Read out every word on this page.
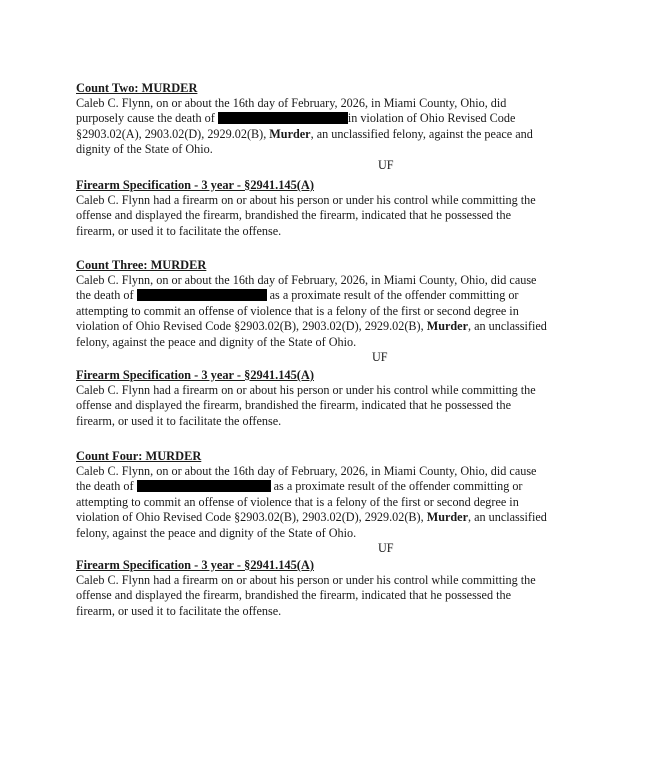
Count Two: MURDER

Caleb C. Flynn, on or about the 16th day of February, 2026, in Miami County, Ohio, did

purposely cause the death of	in violation of Ohio Revised Code

§2903.02(A), 2903.02(D), 2929.02(B), Murder, an unclassified felony, against the peace and

dignity of the State of Ohio.

UF

Firearm Specification - 3 year - §2941.145(A)

Caleb C. Flynn had a firearm on or about his person or under his control while committing the

offense and displayed the firearm, brandished the firearm, indicated that he possessed the

firearm, or used it to facilitate the offense.

Count Three: MURDER

Caleb C. Flynn, on or about the 16th day of February, 2026, in Miami County, Ohio, did cause

the death of	as a proximate result of the offender committing or

attempting to commit an offense of violence that is a felony of the first or second degree in

violation of Ohio Revised Code §2903.02(B), 2903.02(D), 2929.02(B), Murder, an unclassified

felony, against the peace and dignity of the State of Ohio.

UF

Firearm Specification - 3 year - §2941.145(A)

Caleb C. Flynn had a firearm on or about his person or under his control while committing the

offense and displayed the firearm, brandished the firearm, indicated that he possessed the

firearm, or used it to facilitate the offense.

Count Four: MURDER

Caleb C. Flynn, on or about the 16th day of February, 2026, in Miami County, Ohio, did cause

the death of	as a proximate result of the offender committing or

attempting to commit an offense of violence that is a felony of the first or second degree in

violation of Ohio Revised Code §2903.02(B), 2903.02(D), 2929.02(B), Murder, an unclassified

felony, against the peace and dignity of the State of Ohio.

UF

Firearm Specification - 3 year - §2941.145(A)

Caleb C. Flynn had a firearm on or about his person or under his control while committing the

offense and displayed the firearm, brandished the firearm, indicated that he possessed the

firearm, or used it to facilitate the offense.
